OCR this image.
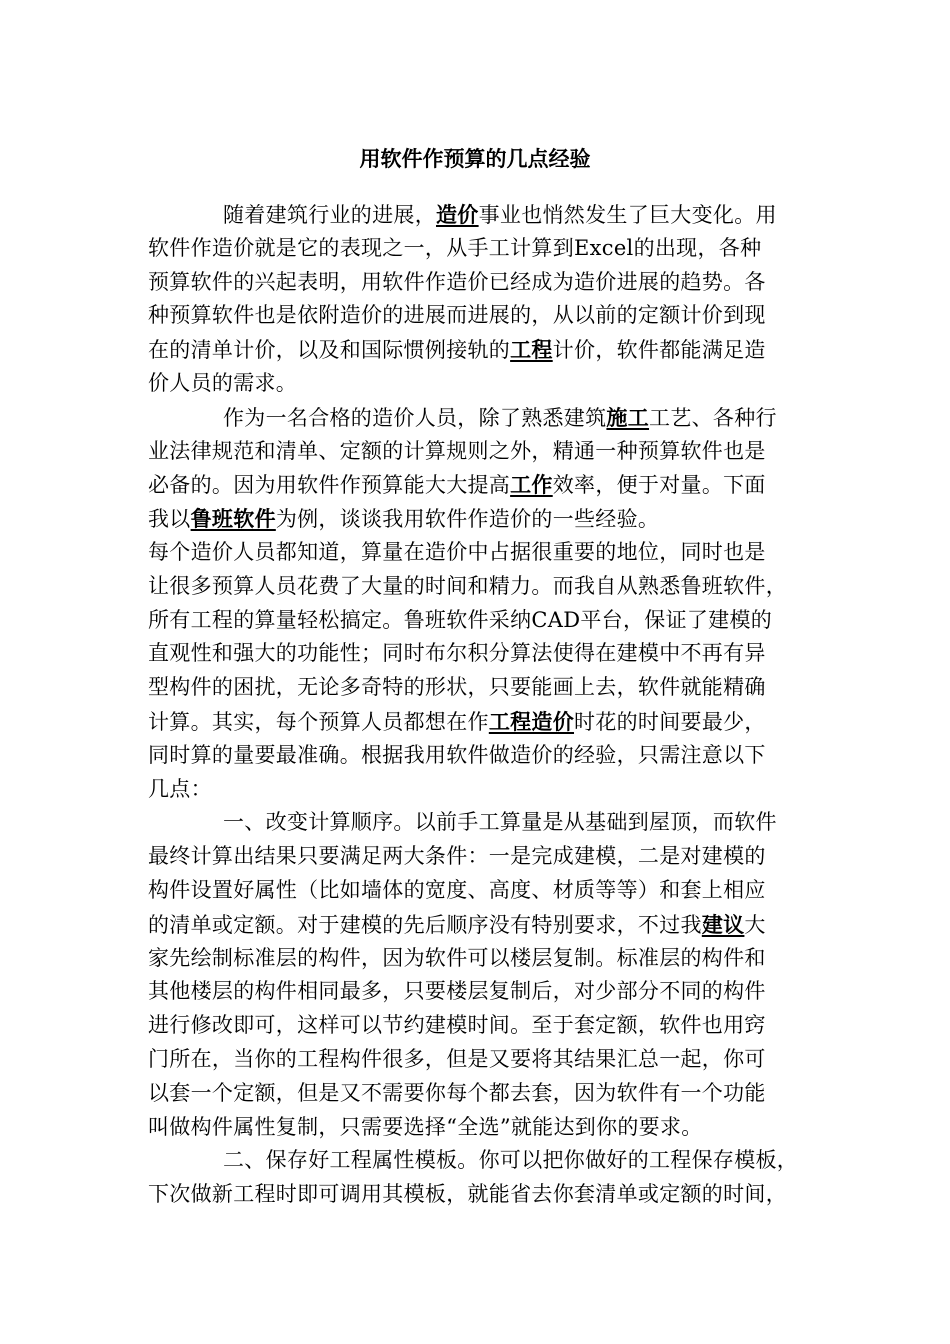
用软件作预算的几点经验
随着建筑行业的进展，造价事业也悄然发生了巨大变化。用
软件作造价就是它的表现之一，从手工计算到Excel的出现，各种
预算软件的兴起表明，用软件作造价已经成为造价进展的趋势。各
种预算软件也是依附造价的进展而进展的，从以前的定额计价到现
在的清单计价，以及和国际惯例接轨的工程计价，软件都能满足造
价人员的需求。
作为一名合格的造价人员，除了熟悉建筑施工工艺、各种行
业法律规范和清单、定额的计算规则之外，精通一种预算软件也是
必备的。因为用软件作预算能大大提高工作效率，便于对量。下面
我以鲁班软件为例，谈谈我用软件作造价的一些经验。
每个造价人员都知道，算量在造价中占据很重要的地位，同时也是
让很多预算人员花费了大量的时间和精力。而我自从熟悉鲁班软件，
所有工程的算量轻松搞定。鲁班软件采纳CAD平台，保证了建模的
直观性和强大的功能性；同时布尔积分算法使得在建模中不再有异
型构件的困扰，无论多奇特的形状，只要能画上去，软件就能精确
计算。其实，每个预算人员都想在作工程造价时花的时间要最少，
同时算的量要最准确。根据我用软件做造价的经验，只需注意以下
几点：
一、改变计算顺序。以前手工算量是从基础到屋顶，而软件
最终计算出结果只要满足两大条件：一是完成建模，二是对建模的
构件设置好属性（比如墙体的宽度、高度、材质等等）和套上相应
的清单或定额。对于建模的先后顺序没有特别要求，不过我建议大
家先绘制标准层的构件，因为软件可以楼层复制。标准层的构件和
其他楼层的构件相同最多，只要楼层复制后，对少部分不同的构件
进行修改即可，这样可以节约建模时间。至于套定额，软件也用窍
门所在，当你的工程构件很多，但是又要将其结果汇总一起，你可
以套一个定额，但是又不需要你每个都去套，因为软件有一个功能
叫做构件属性复制，只需要选择“全选”就能达到你的要求。
二、保存好工程属性模板。你可以把你做好的工程保存模板，
下次做新工程时即可调用其模板，就能省去你套清单或定额的时间，
